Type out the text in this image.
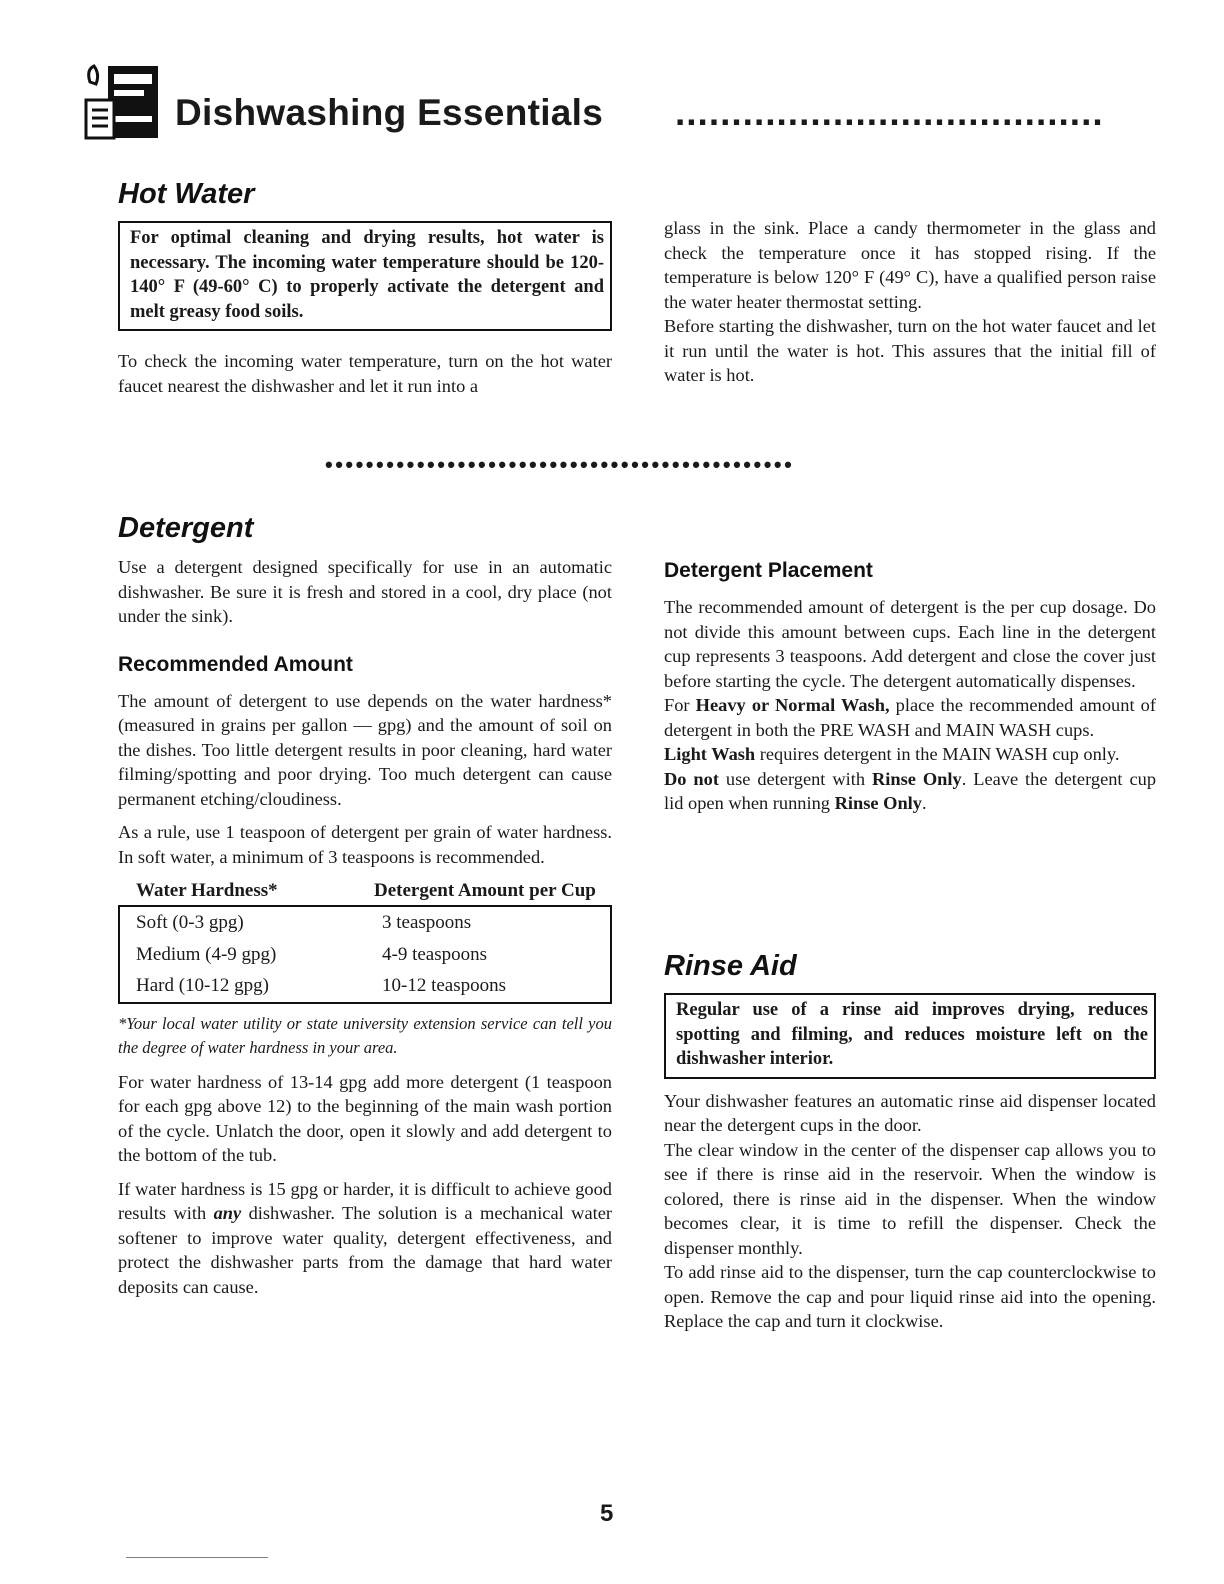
Dishwashing Essentials ......................................
Hot Water
For optimal cleaning and drying results, hot water is necessary. The incoming water temperature should be 120-140° F (49-60° C) to properly activate the detergent and melt greasy food soils.

To check the incoming water temperature, turn on the hot water faucet nearest the dishwasher and let it run into a

glass in the sink. Place a candy thermometer in the glass and check the temperature once it has stopped rising. If the temperature is below 120° F (49° C), have a qualified person raise the water heater thermostat setting.

Before starting the dishwasher, turn on the hot water faucet and let it run until the water is hot. This assures that the initial fill of water is hot.

••••••••••••••••••••••••••••••••••••••••••••••
Detergent

Use a detergent designed specifically for use in an automatic dishwasher. Be sure it is fresh and stored in a cool, dry place (not under the sink).

Recommended Amount

The amount of detergent to use depends on the water hardness* (measured in grains per gallon — gpg) and the amount of soil on the dishes. Too little detergent results in poor cleaning, hard water filming/spotting and poor drying. Too much detergent can cause permanent etching/cloudiness.

As a rule, use 1 teaspoon of detergent per grain of water hardness. In soft water, a minimum of 3 teaspoons is recommended.

Water Hardness*	Detergent Amount per Cup
Soft (0-3 gpg)	3 teaspoons
Medium (4-9 gpg)	4-9 teaspoons
Hard (10-12 gpg)	10-12 teaspoons

*Your local water utility or state university extension service can tell you the degree of water hardness in your area.

For water hardness of 13-14 gpg add more detergent (1 teaspoon for each gpg above 12) to the beginning of the main wash portion of the cycle. Unlatch the door, open it slowly and add detergent to the bottom of the tub.

If water hardness is 15 gpg or harder, it is difficult to achieve good results with any dishwasher. The solution is a mechanical water softener to improve water quality, detergent effectiveness, and protect the dishwasher parts from the damage that hard water deposits can cause.

Detergent Placement

The recommended amount of detergent is the per cup dosage. Do not divide this amount between cups. Each line in the detergent cup represents 3 teaspoons. Add detergent and close the cover just before starting the cycle. The detergent automatically dispenses.

For Heavy or Normal Wash, place the recommended amount of detergent in both the PRE WASH and MAIN WASH cups.

Light Wash requires detergent in the MAIN WASH cup only.

Do not use detergent with Rinse Only. Leave the detergent cup lid open when running Rinse Only.

Rinse Aid
Regular use of a rinse aid improves drying, reduces spotting and filming, and reduces moisture left on the dishwasher interior.

Your dishwasher features an automatic rinse aid dispenser located near the detergent cups in the door.

The clear window in the center of the dispenser cap allows you to see if there is rinse aid in the reservoir. When the window is colored, there is rinse aid in the dispenser. When the window becomes clear, it is time to refill the dispenser. Check the dispenser monthly.

To add rinse aid to the dispenser, turn the cap counterclockwise to open. Remove the cap and pour liquid rinse aid into the opening. Replace the cap and turn it clockwise.

5
